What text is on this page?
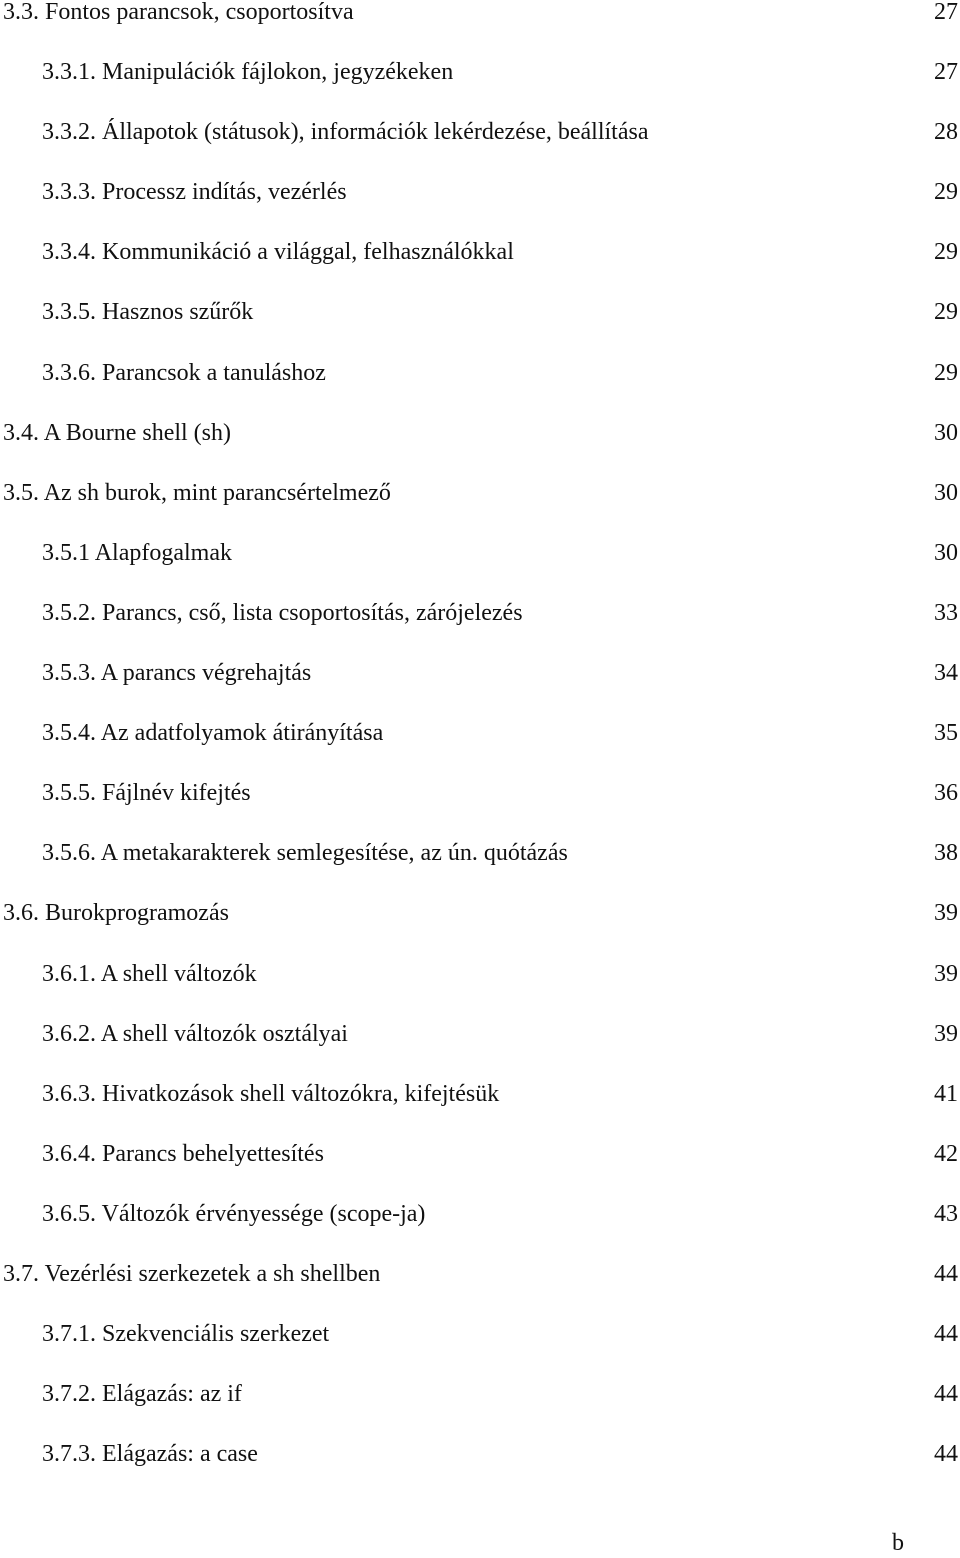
3.3. Fontos parancsok, csoportosítva	27
3.3.1. Manipulációk fájlokon, jegyzékeken	27
3.3.2. Állapotok (státusok), információk lekérdezése, beállítása	28
3.3.3. Processz indítás, vezérlés	29
3.3.4. Kommunikáció a világgal, felhasználókkal	29
3.3.5. Hasznos szűrők	29
3.3.6. Parancsok a tanuláshoz	29
3.4. A Bourne shell (sh)	30
3.5. Az sh burok, mint parancsértelmező	30
3.5.1 Alapfogalmak	30
3.5.2. Parancs, cső, lista csoportosítás, zárójelezés	33
3.5.3. A parancs végrehajtás	34
3.5.4. Az adatfolyamok átirányítása	35
3.5.5. Fájlnév kifejtés	36
3.5.6. A metakarakterek semlegesítése, az ún. quótázás	38
3.6. Burokprogramozás	39
3.6.1. A shell változók	39
3.6.2. A shell változók osztályai	39
3.6.3. Hivatkozások shell változókra, kifejtésük	41
3.6.4. Parancs behelyettesítés	42
3.6.5. Változók érvényessége (scope-ja)	43
3.7. Vezérlési szerkezetek a sh shellben	44
3.7.1. Szekvenciális szerkezet	44
3.7.2. Elágazás: az if	44
3.7.3. Elágazás: a case	44
b
